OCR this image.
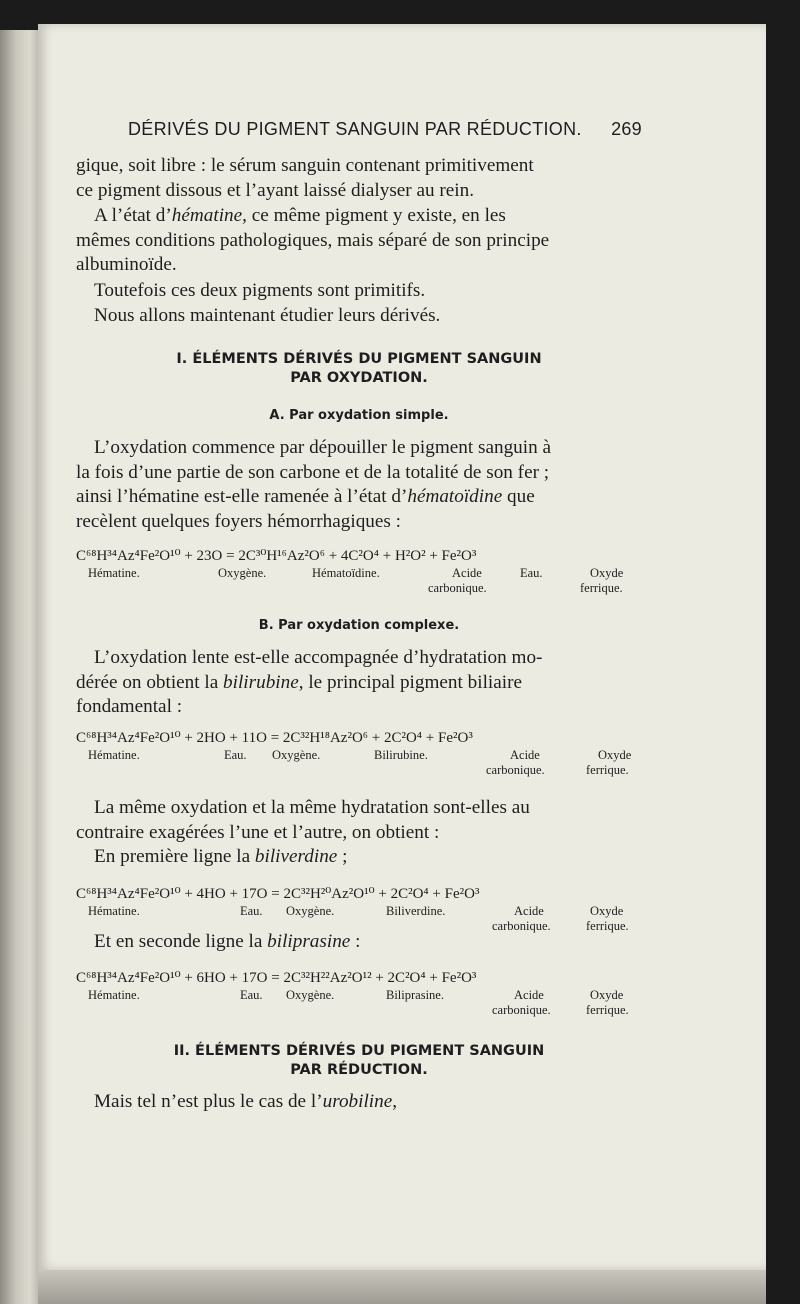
DÉRIVÉS DU PIGMENT SANGUIN PAR RÉDUCTION. 269
gique, soit libre : le sérum sanguin contenant primitivement
ce pigment dissous et l’ayant laissé dialyser au rein.
A l’état d’hématine, ce même pigment y existe, en les
mêmes conditions pathologiques, mais séparé de son principe
albuminoïde.
Toutefois ces deux pigments sont primitifs.
Nous allons maintenant étudier leurs dérivés.
I. ÉLÉMENTS DÉRIVÉS DU PIGMENT SANGUIN
PAR OXYDATION.
A. Par oxydation simple.
L’oxydation commence par dépouiller le pigment sanguin à
la fois d’une partie de son carbone et de la totalité de son fer ;
ainsi l’hématine est-elle ramenée à l’état d’hématoïdine que
recèlent quelques foyers hémorrhagiques :
C⁶⁸H³⁴Az⁴Fe²O¹⁰ + 23O = 2C³⁰H¹⁶Az²O⁶ + 4C²O⁴ + H²O² + Fe²O³
Hématine.	Oxygène.	Hématoïdine.	Acide	Eau.	Oxyde
carbonique.	ferrique.
B. Par oxydation complexe.
L’oxydation lente est-elle accompagnée d’hydratation mo-
dérée on obtient la bilirubine, le principal pigment biliaire
fondamental :
C⁶⁸H³⁴Az⁴Fe²O¹⁰ + 2HO + 11O = 2C³²H¹⁸Az²O⁶ + 2C²O⁴ + Fe²O³
Hématine.	Eau. Oxygène.	Bilirubine.	Acide	Oxyde
carbonique.	ferrique.
La même oxydation et la même hydratation sont-elles au
contraire exagérées l’une et l’autre, on obtient :
En première ligne la biliverdine ;
C⁶⁸H³⁴Az⁴Fe²O¹⁰ + 4HO + 17O = 2C³²H²⁰Az²O¹⁰ + 2C²O⁴ + Fe²O³
Hématine.	Eau. Oxygène.	Biliverdine.	Acide	Oxyde
carbonique.	ferrique.
Et en seconde ligne la biliprasine :
C⁶⁸H³⁴Az⁴Fe²O¹⁰ + 6HO + 17O = 2C³²H²²Az²O¹² + 2C²O⁴ + Fe²O³
Hématine.	Eau. Oxygène.	Biliprasine.	Acide	Oxyde
carbonique.	ferrique.
II. ÉLÉMENTS DÉRIVÉS DU PIGMENT SANGUIN
PAR RÉDUCTION.
Mais tel n’est plus le cas de l’urobiline,
